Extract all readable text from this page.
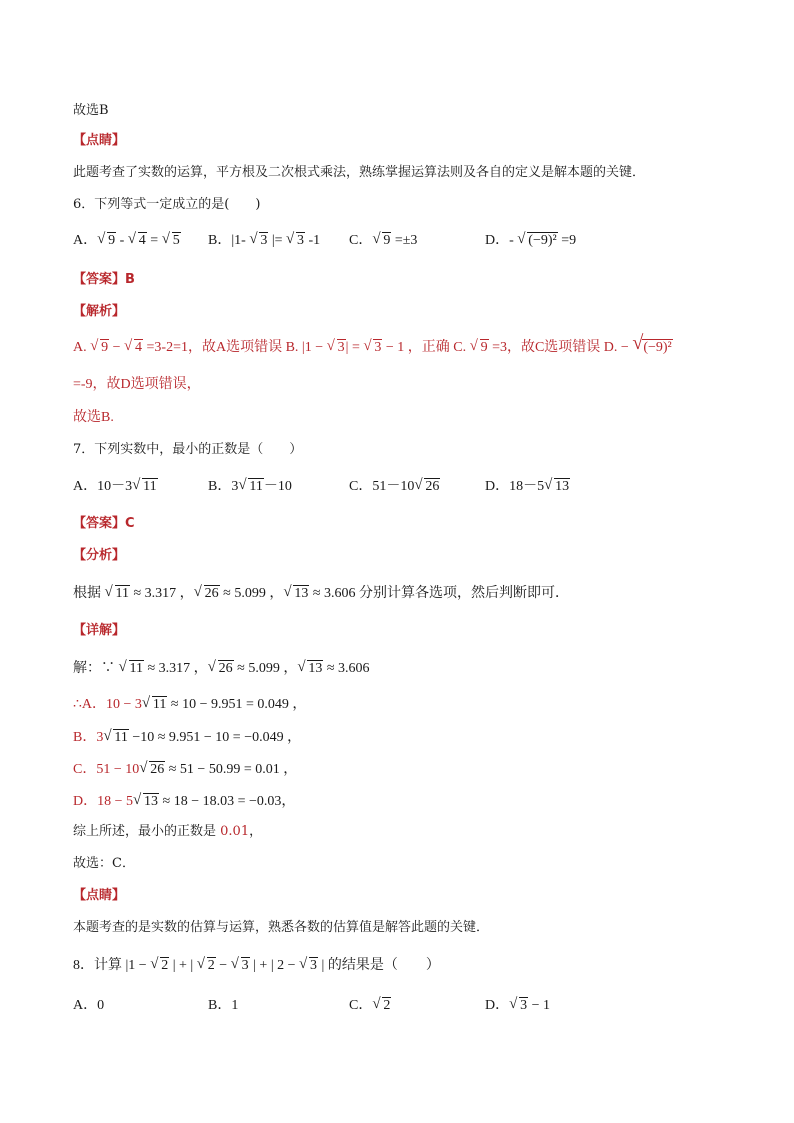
故选B
【点睛】
此题考查了实数的运算，平方根及二次根式乘法，熟练掌握运算法则及各自的定义是解本题的关键．
6．下列等式一定成立的是(　　)
A． √ 9 - √ 4 = √ 5 B．|1- √ 3 |= √ 3 -1 C． √ 9 =±3	D．- √ (−9)² =9
【答案】B
【解析】
A. √ 9 − √ 4 =3-2=1，故A选项错误 B. |1 − √ 3| = √ 3 − 1 ，正确 C. √ 9 =3，故C选项错误 D. − √ (−9)²
=-9，故D选项错误，
故选B.
7．下列实数中，最小的正数是（　　）
A．10－3 √ 11	B．3 √ 11－10	C．51－10 √ 26	D．18－5 √ 13
【答案】C
【分析】
根据 √ 11 ≈ 3.317 ， √ 26 ≈ 5.099 ， √ 13 ≈ 3.606 分别计算各选项，然后判断即可．
【详解】
解：∵ √ 11 ≈ 3.317 ， √ 26 ≈ 5.099 ， √ 13 ≈ 3.606
∴A．10 − 3 √ 11 ≈ 10 − 9.951 = 0.049 ，
B．3 √ 11 −10 ≈ 9.951 − 10 = −0.049 ，
C．51 − 10 √ 26 ≈ 51 − 50.99 = 0.01 ，
D．18 − 5 √ 13 ≈ 18 − 18.03 = −0.03，
综上所述，最小的正数是 0.01，
故选：C．
【点睛】
本题考查的是实数的估算与运算，熟悉各数的估算值是解答此题的关键．
8．计算 |1 − √ 2 | + | √ 2 − √ 3 | + | 2 − √ 3 | 的结果是（　　）
A．0	B．1	C． √ 2	D． √ 3 − 1
